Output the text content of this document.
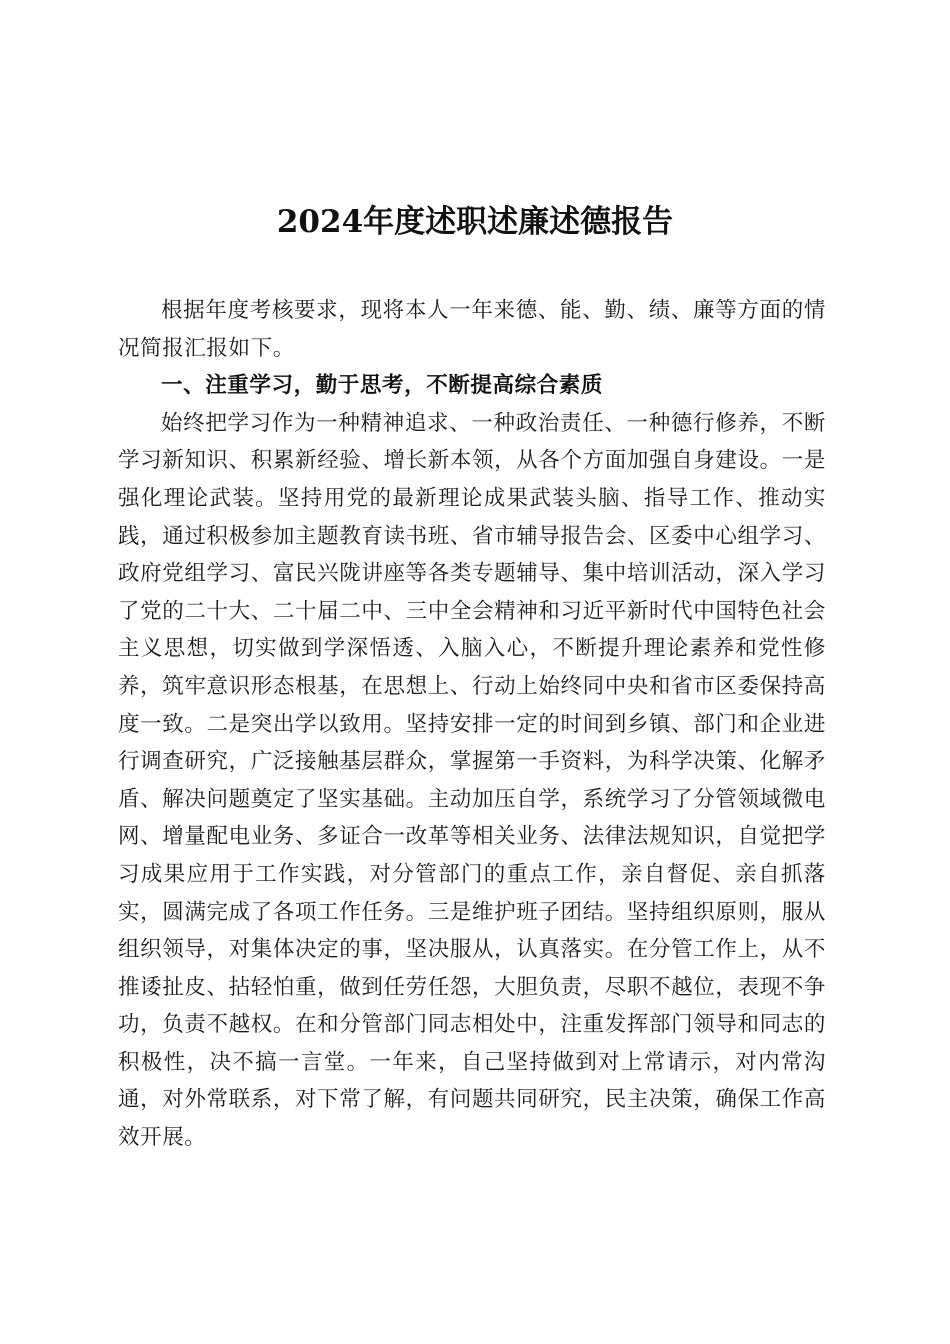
2024年度述职述廉述德报告

根据年度考核要求，现将本人一年来德、能、勤、绩、廉等方面的情况简报汇报如下。

一、注重学习，勤于思考，不断提高综合素质

始终把学习作为一种精神追求、一种政治责任、一种德行修养，不断学习新知识、积累新经验、增长新本领，从各个方面加强自身建设。一是强化理论武装。坚持用党的最新理论成果武装头脑、指导工作、推动实践，通过积极参加主题教育读书班、省市辅导报告会、区委中心组学习、政府党组学习、富民兴陇讲座等各类专题辅导、集中培训活动，深入学习了党的二十大、二十届二中、三中全会精神和习近平新时代中国特色社会主义思想，切实做到学深悟透、入脑入心，不断提升理论素养和党性修养，筑牢意识形态根基，在思想上、行动上始终同中央和省市区委保持高度一致。二是突出学以致用。坚持安排一定的时间到乡镇、部门和企业进行调查研究，广泛接触基层群众，掌握第一手资料，为科学决策、化解矛盾、解决问题奠定了坚实基础。主动加压自学，系统学习了分管领域微电网、增量配电业务、多证合一改革等相关业务、法律法规知识，自觉把学习成果应用于工作实践，对分管部门的重点工作，亲自督促、亲自抓落实，圆满完成了各项工作任务。三是维护班子团结。坚持组织原则，服从组织领导，对集体决定的事，坚决服从，认真落实。在分管工作上，从不推诿扯皮、拈轻怕重，做到任劳任怨，大胆负责，尽职不越位，表现不争功，负责不越权。在和分管部门同志相处中，注重发挥部门领导和同志的积极性，决不搞一言堂。一年来，自己坚持做到对上常请示，对内常沟通，对外常联系，对下常了解，有问题共同研究，民主决策，确保工作高效开展。
